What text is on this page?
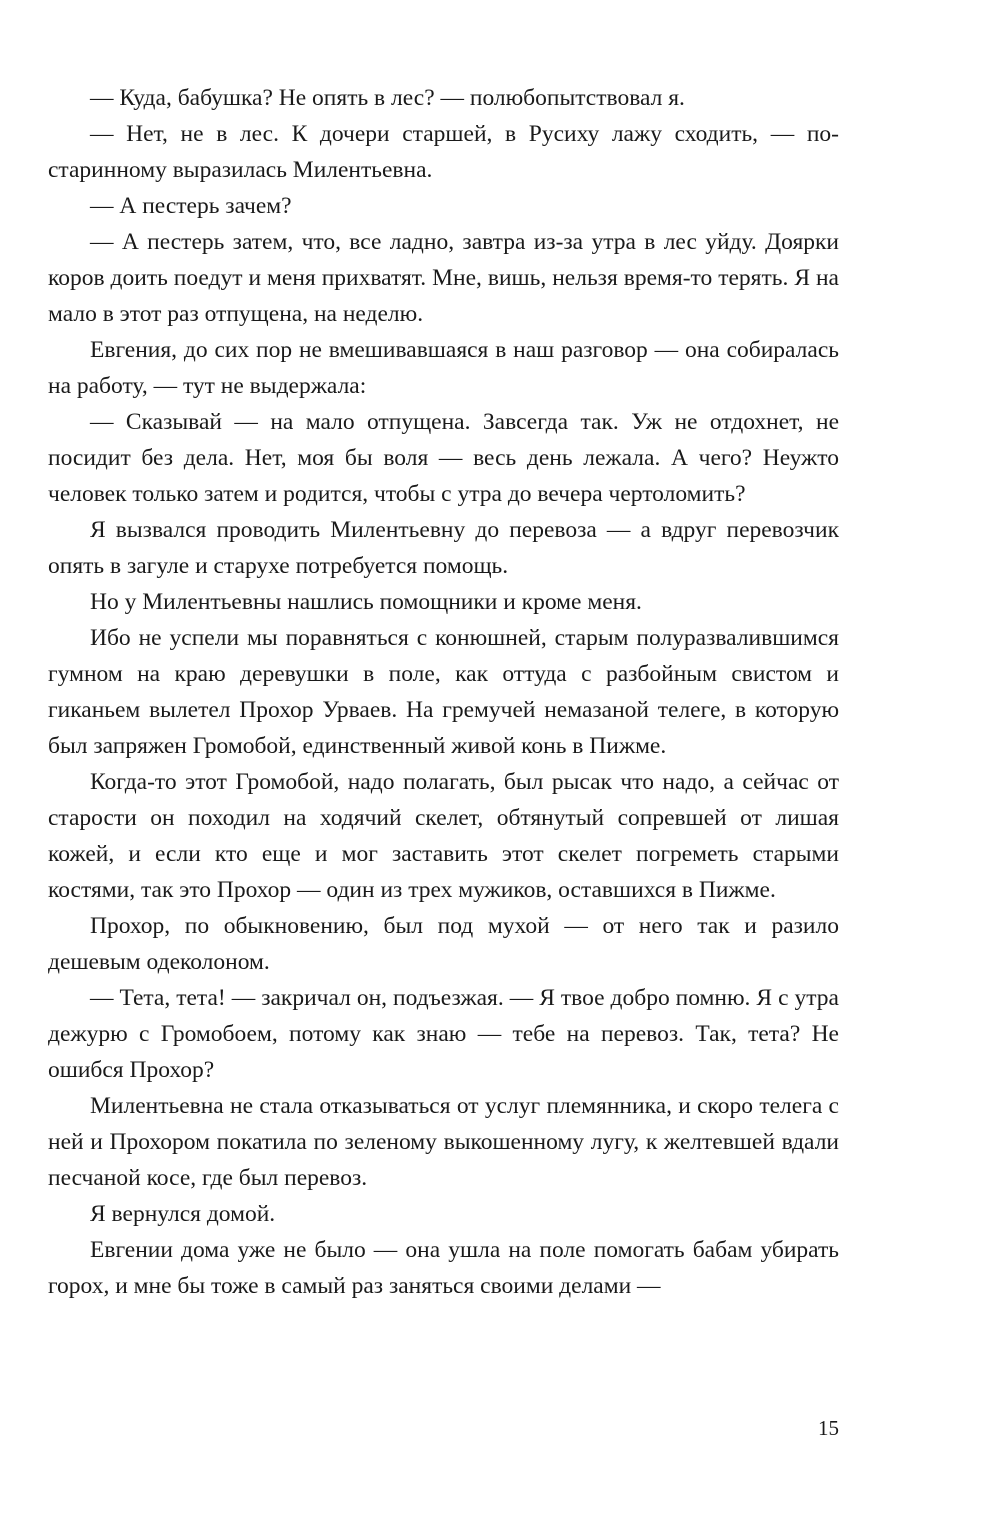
— Куда, бабушка? Не опять в лес? — полюбопытствовал я.

— Нет, не в лес. К дочери старшей, в Русиху лажу сходить, — по-старинному выразилась Милентьевна.

— А пестерь зачем?

— А пестерь затем, что, все ладно, завтра из-за утра в лес уйду. Доярки коров доить поедут и меня прихватят. Мне, вишь, нельзя время-то терять. Я на мало в этот раз отпущена, на неделю.

Евгения, до сих пор не вмешивавшаяся в наш разговор — она собиралась на работу, — тут не выдержала:

— Сказывай — на мало отпущена. Завсегда так. Уж не отдохнет, не посидит без дела. Нет, моя бы воля — весь день лежала. А чего? Неужто человек только затем и родится, чтобы с утра до вечера чертоломить?

Я вызвался проводить Милентьевну до перевоза — а вдруг перевозчик опять в загуле и старухе потребуется помощь.

Но у Милентьевны нашлись помощники и кроме меня.

Ибо не успели мы поравняться с конюшней, старым полуразвалившимся гумном на краю деревушки в поле, как оттуда с разбойным свистом и гиканьем вылетел Прохор Урваев. На гремучей немазаной телеге, в которую был запряжен Громобой, единственный живой конь в Пижме.

Когда-то этот Громобой, надо полагать, был рысак что надо, а сейчас от старости он походил на ходячий скелет, обтянутый сопревшей от лишая кожей, и если кто еще и мог заставить этот скелет погреметь старыми костями, так это Прохор — один из трех мужиков, оставшихся в Пижме.

Прохор, по обыкновению, был под мухой — от него так и разило дешевым одеколоном.

— Тета, тета! — закричал он, подъезжая. — Я твое добро помню. Я с утра дежурю с Громобоем, потому как знаю — тебе на перевоз. Так, тета? Не ошибся Прохор?

Милентьевна не стала отказываться от услуг племянника, и скоро телега с ней и Прохором покатила по зеленому выкошенному лугу, к желтевшей вдали песчаной косе, где был перевоз.

Я вернулся домой.

Евгении дома уже не было — она ушла на поле помогать бабам убирать горох, и мне бы тоже в самый раз заняться своими делами —

15
